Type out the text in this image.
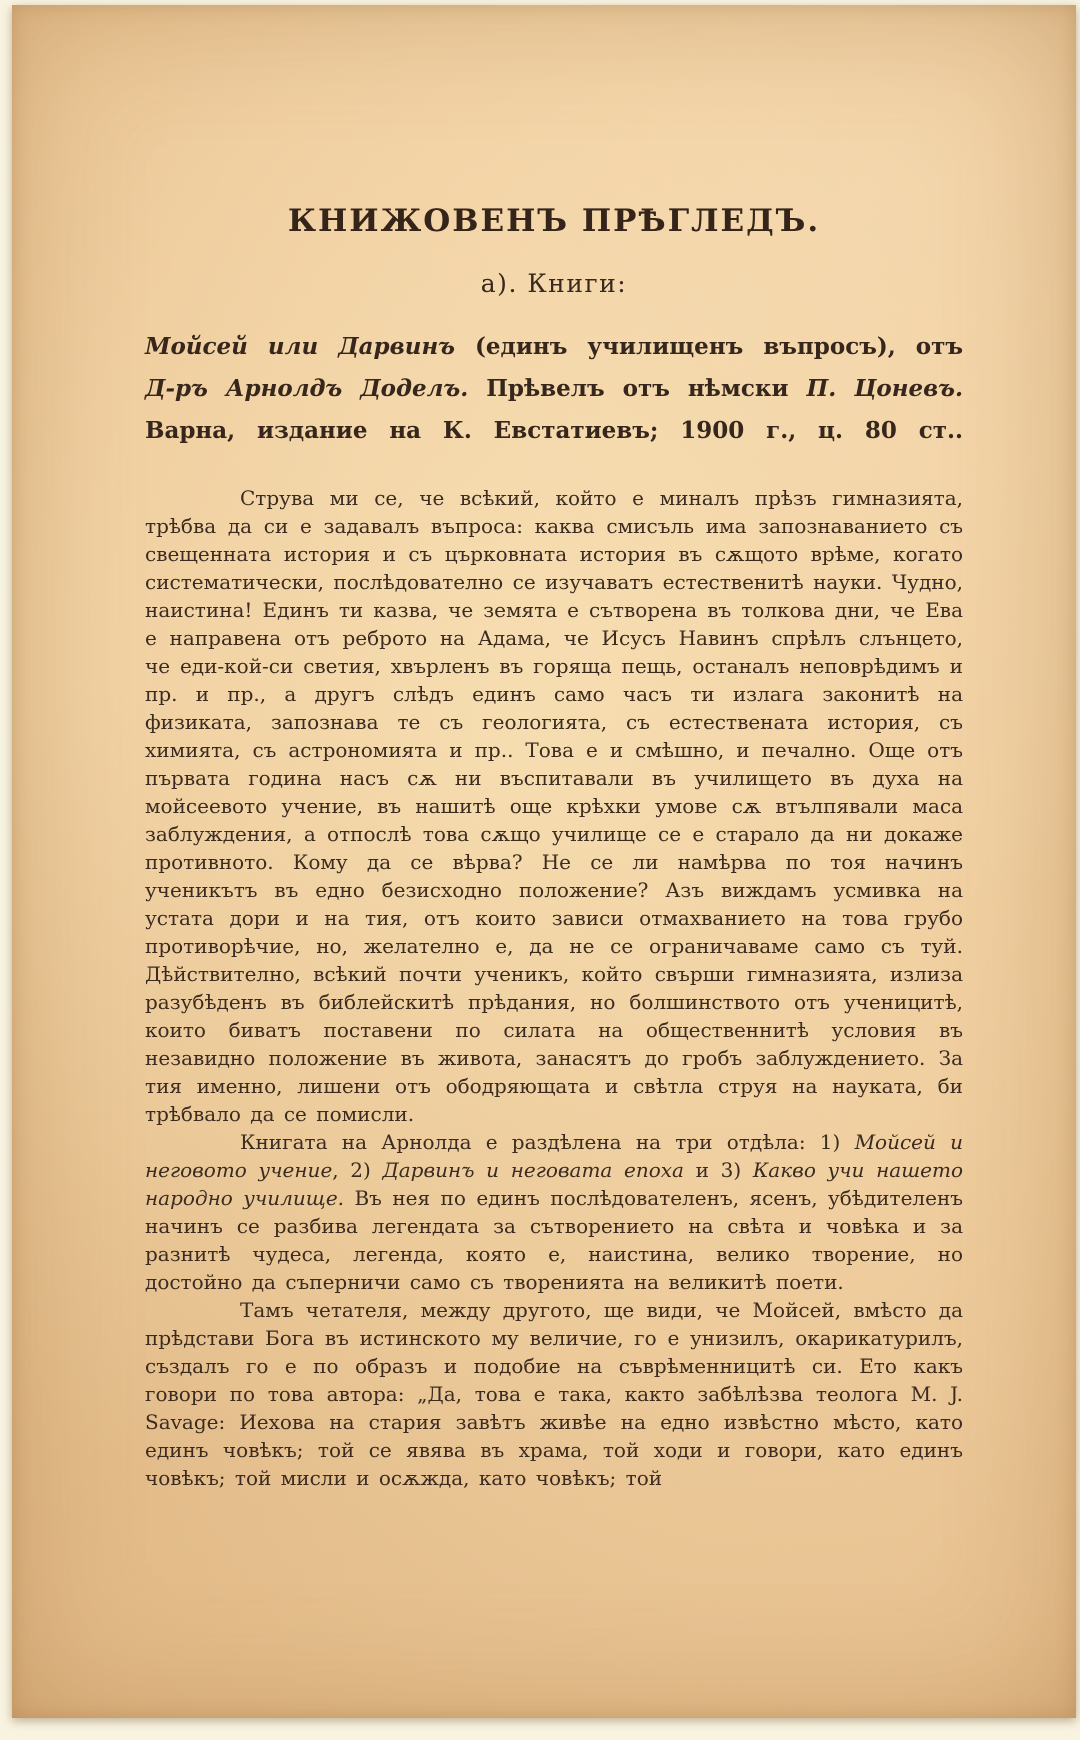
КНИЖОВЕНЪ ПРѢГЛЕДЪ.
а). Книги:

Мойсей или Дарвинъ (единъ училищенъ въпросъ), отъ

Д-ръ Арнолдъ Доделъ. Прѣвелъ отъ нѣмски П. Цоневъ.

Варна, издание на К. Евстатиевъ; 1900 г., ц. 80 ст..

Струва ми се, че всѣкий, който е миналъ прѣзъ гимназията, трѣбва да си е задавалъ въпроса: каква смисъль има запознаванието съ свещенната история и съ църковната история въ сѫщото врѣме, когато систематически, послѣдователно се изучаватъ естественитѣ науки. Чудно, наистина! Единъ ти казва, че земята е сътворена въ толкова дни, че Ева е направена отъ реброто на Адама, че Исусъ Навинъ спрѣлъ слънцето, че еди-кой-си светия, хвърленъ въ горяща пещь, останалъ неповрѣдимъ и пр. и пр., а другъ слѣдъ единъ само часъ ти излага законитѣ на физиката, запознава те съ геологията, съ естествената история, съ химията, съ астрономията и пр.. Това е и смѣшно, и печално. Още отъ първата година насъ сѫ ни въспитавали въ училището въ духа на мойсеевото учение, въ нашитѣ още крѣхки умове сѫ втълпявали маса заблуждения, а отпослѣ това сѫщо училище се е старало да ни докаже противното. Кому да се вѣрва? Не се ли намѣрва по тоя начинъ ученикътъ въ едно безисходно положение? Азъ виждамъ усмивка на устата дори и на тия, отъ които зависи отмахванието на това грубо противорѣчие, но, желателно е, да не се ограничаваме само съ туй. Дѣйствително, всѣкий почти ученикъ, който свърши гимназията, излиза разубѣденъ въ библейскитѣ прѣдания, но болшинството отъ ученицитѣ, които биватъ поставени по силата на общественнитѣ условия въ незавидно положение въ живота, занасятъ до гробъ заблуждението. За тия именно, лишени отъ ободряющата и свѣтла струя на науката, би трѣбвало да се помисли.

Книгата на Арнолда е раздѣлена на три отдѣла: 1) Мойсей и неговото учение, 2) Дарвинъ и неговата епоха и 3) Какво учи нашето народно училище. Въ нея по единъ послѣдователенъ, ясенъ, убѣдителенъ начинъ се разбива легендата за сътворението на свѣта и човѣка и за разнитѣ чудеса, легенда, която е, наистина, велико творение, но достойно да съперничи само съ творенията на великитѣ поети.

Тамъ четателя, между другото, ще види, че Мойсей, вмѣсто да прѣдстави Бога въ истинското му величие, го е унизилъ, окарикатурилъ, създалъ го е по образъ и подобие на съврѣменницитѣ си. Ето какъ говори по това автора: „Да, това е така, както забѣлѣзва теолога M. J. Savage: Иехова на стария завѣтъ живѣе на едно извѣстно мѣсто, като единъ човѣкъ; той се явява въ храма, той ходи и говори, като единъ човѣкъ; той мисли и осѫжда, като човѣкъ; той
